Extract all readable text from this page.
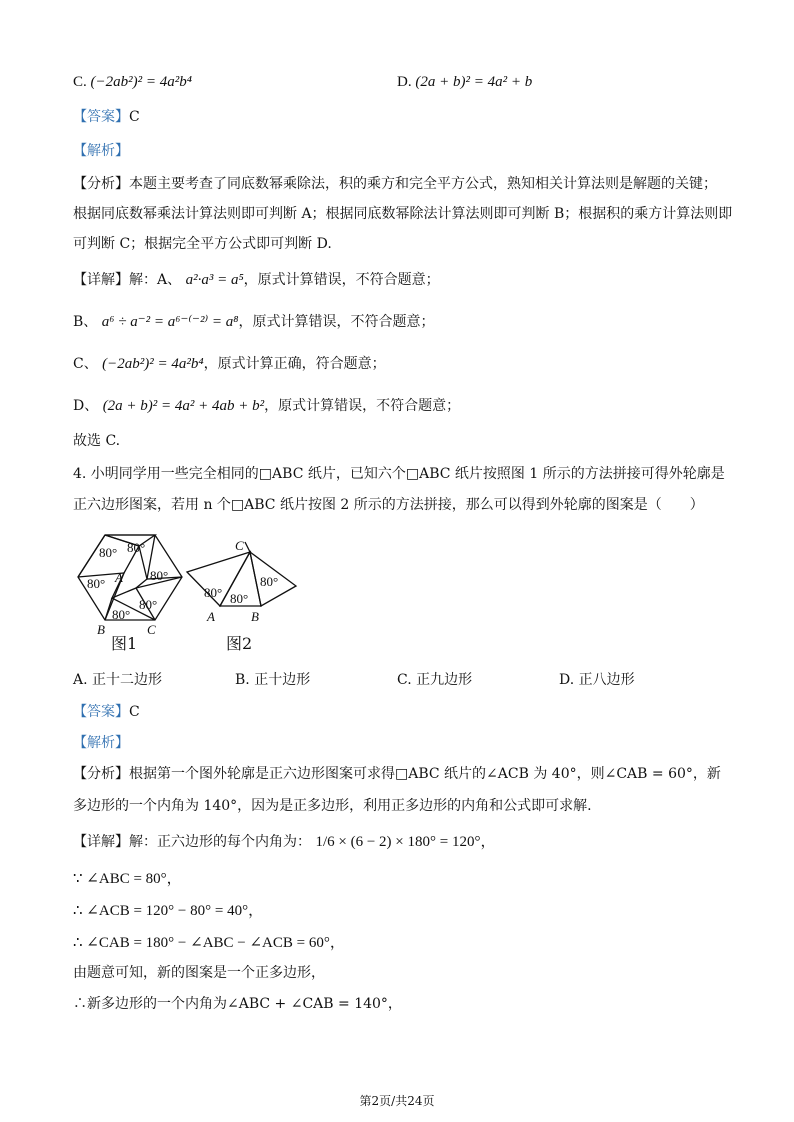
C. (−2ab²)² = 4a²b⁴	D. (2a + b)² = 4a² + b
【答案】C
【解析】
【分析】本题主要考查了同底数幂乘除法，积的乘方和完全平方公式，熟知相关计算法则是解题的关键；
根据同底数幂乘法计算法则即可判断 A；根据同底数幂除法计算法则即可判断 B；根据积的乘方计算法则即
可判断 C；根据完全平方公式即可判断 D.
【详解】解：A、 a²·a³ = a⁵，原式计算错误，不符合题意；
B、 a⁶ ÷ a⁻² = a⁶⁻⁽⁻²⁾ = a⁸，原式计算错误，不符合题意；
C、 (−2ab²)² = 4a²b⁴，原式计算正确，符合题意；
D、 (2a + b)² = 4a² + 4ab + b²，原式计算错误，不符合题意；
故选 C.
4. 小明同学用一些完全相同的□ABC 纸片，已知六个□ABC 纸片按照图 1 所示的方法拼接可得外轮廓是
正六边形图案，若用 n 个□ABC 纸片按图 2 所示的方法拼接，那么可以得到外轮廓的图案是（　　）
80° 80°
80°
80°
80°
80° A
B	C
图1
80° 80°
80°
C
A	B
图2
A. 正十二边形	B. 正十边形	C. 正九边形	D. 正八边形
【答案】C
【解析】
【分析】根据第一个图外轮廓是正六边形图案可求得□ABC 纸片的∠ACB 为 40°，则∠CAB = 60°，新
多边形的一个内角为 140°，因为是正多边形，利用正多边形的内角和公式即可求解.
【详解】解：正六边形的每个内角为： 1/6 × (6 − 2) × 180° = 120°，
∵ ∠ABC = 80°，
∴ ∠ACB = 120° − 80° = 40°，
∴ ∠CAB = 180° − ∠ABC − ∠ACB = 60°，
由题意可知，新的图案是一个正多边形，
∴新多边形的一个内角为∠ABC + ∠CAB = 140°，
第2页/共24页
